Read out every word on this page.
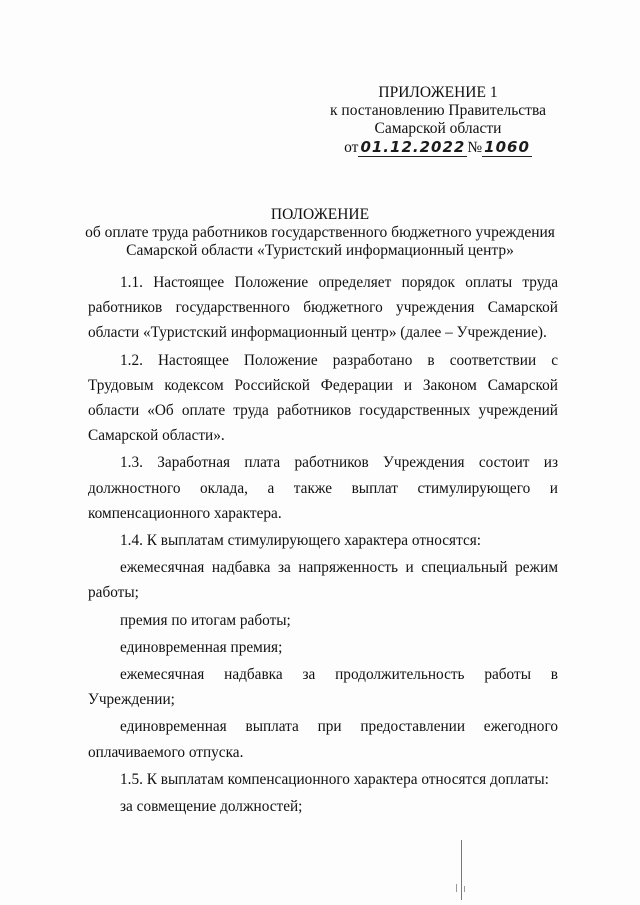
ПРИЛОЖЕНИЕ 1
к постановлению Правительства
Самарской области
от 01.12.2022 № 1060
ПОЛОЖЕНИЕ
об оплате труда работников государственного бюджетного учреждения
Самарской области «Туристский информационный центр»

1.1. Настоящее Положение определяет порядок оплаты труда работников государственного бюджетного учреждения Самарской области «Туристский информационный центр» (далее – Учреждение).

1.2. Настоящее Положение разработано в соответствии с Трудовым кодексом Российской Федерации и Законом Самарской области «Об оплате труда работников государственных учреждений Самарской области».

1.3. Заработная плата работников Учреждения состоит из должностного оклада, а также выплат стимулирующего и компенсационного характера.

1.4. К выплатам стимулирующего характера относятся:

ежемесячная надбавка за напряженность и специальный режим работы;

премия по итогам работы;

единовременная премия;

ежемесячная надбавка за продолжительность работы в Учреждении;

единовременная выплата при предоставлении ежегодного оплачиваемого отпуска.

1.5. К выплатам компенсационного характера относятся доплаты:

за совмещение должностей;
